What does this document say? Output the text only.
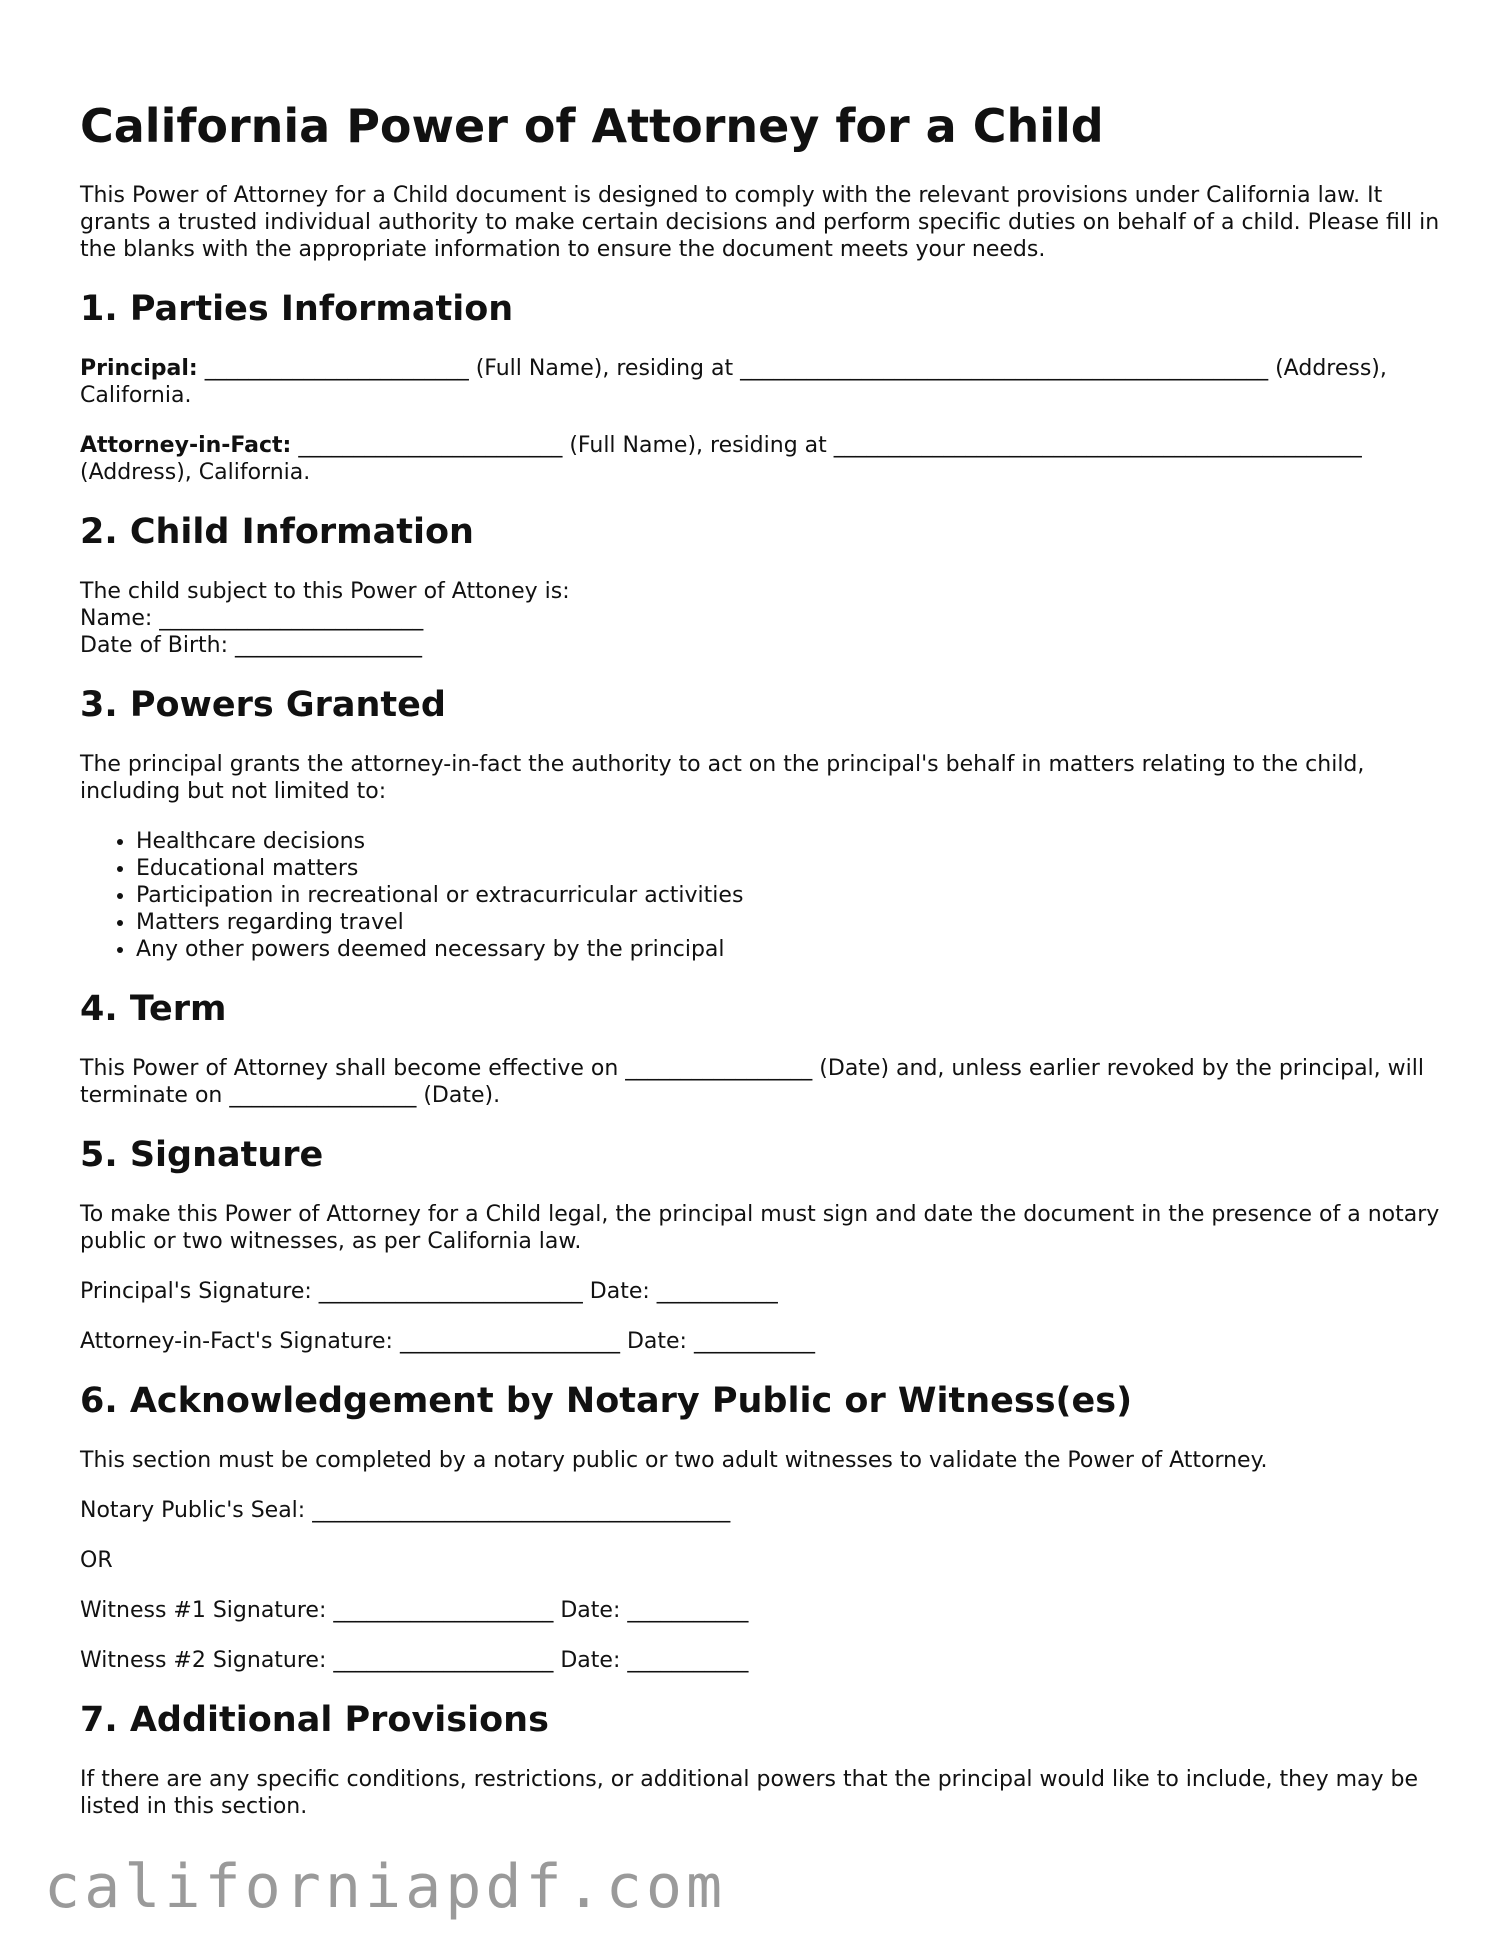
California Power of Attorney for a Child

This Power of Attorney for a Child document is designed to comply with the relevant provisions under California law. It grants a trusted individual authority to make certain decisions and perform specific duties on behalf of a child. Please fill in the blanks with the appropriate information to ensure the document meets your needs.

1. Parties Information

Principal: ________________________ (Full Name), residing at ________________________________________________ (Address), California.

Attorney-in-Fact: ________________________ (Full Name), residing at ________________________________________________ (Address), California.

2. Child Information

The child subject to this Power of Attoney is:
Name: ________________________
Date of Birth: _________________

3. Powers Granted

The principal grants the attorney-in-fact the authority to act on the principal's behalf in matters relating to the child, including but not limited to:

• Healthcare decisions
• Educational matters
• Participation in recreational or extracurricular activities
• Matters regarding travel
• Any other powers deemed necessary by the principal
4. Term

This Power of Attorney shall become effective on _________________ (Date) and, unless earlier revoked by the principal, will terminate on _________________ (Date).

5. Signature

To make this Power of Attorney for a Child legal, the principal must sign and date the document in the presence of a notary public or two witnesses, as per California law.

Principal's Signature: ________________________ Date: ___________

Attorney-in-Fact's Signature: ____________________ Date: ___________

6. Acknowledgement by Notary Public or Witness(es)

This section must be completed by a notary public or two adult witnesses to validate the Power of Attorney.

Notary Public's Seal: ______________________________________

OR

Witness #1 Signature: ____________________ Date: ___________

Witness #2 Signature: ____________________ Date: ___________

7. Additional Provisions

If there are any specific conditions, restrictions, or additional powers that the principal would like to include, they may be listed in this section.

californiapdf.com
